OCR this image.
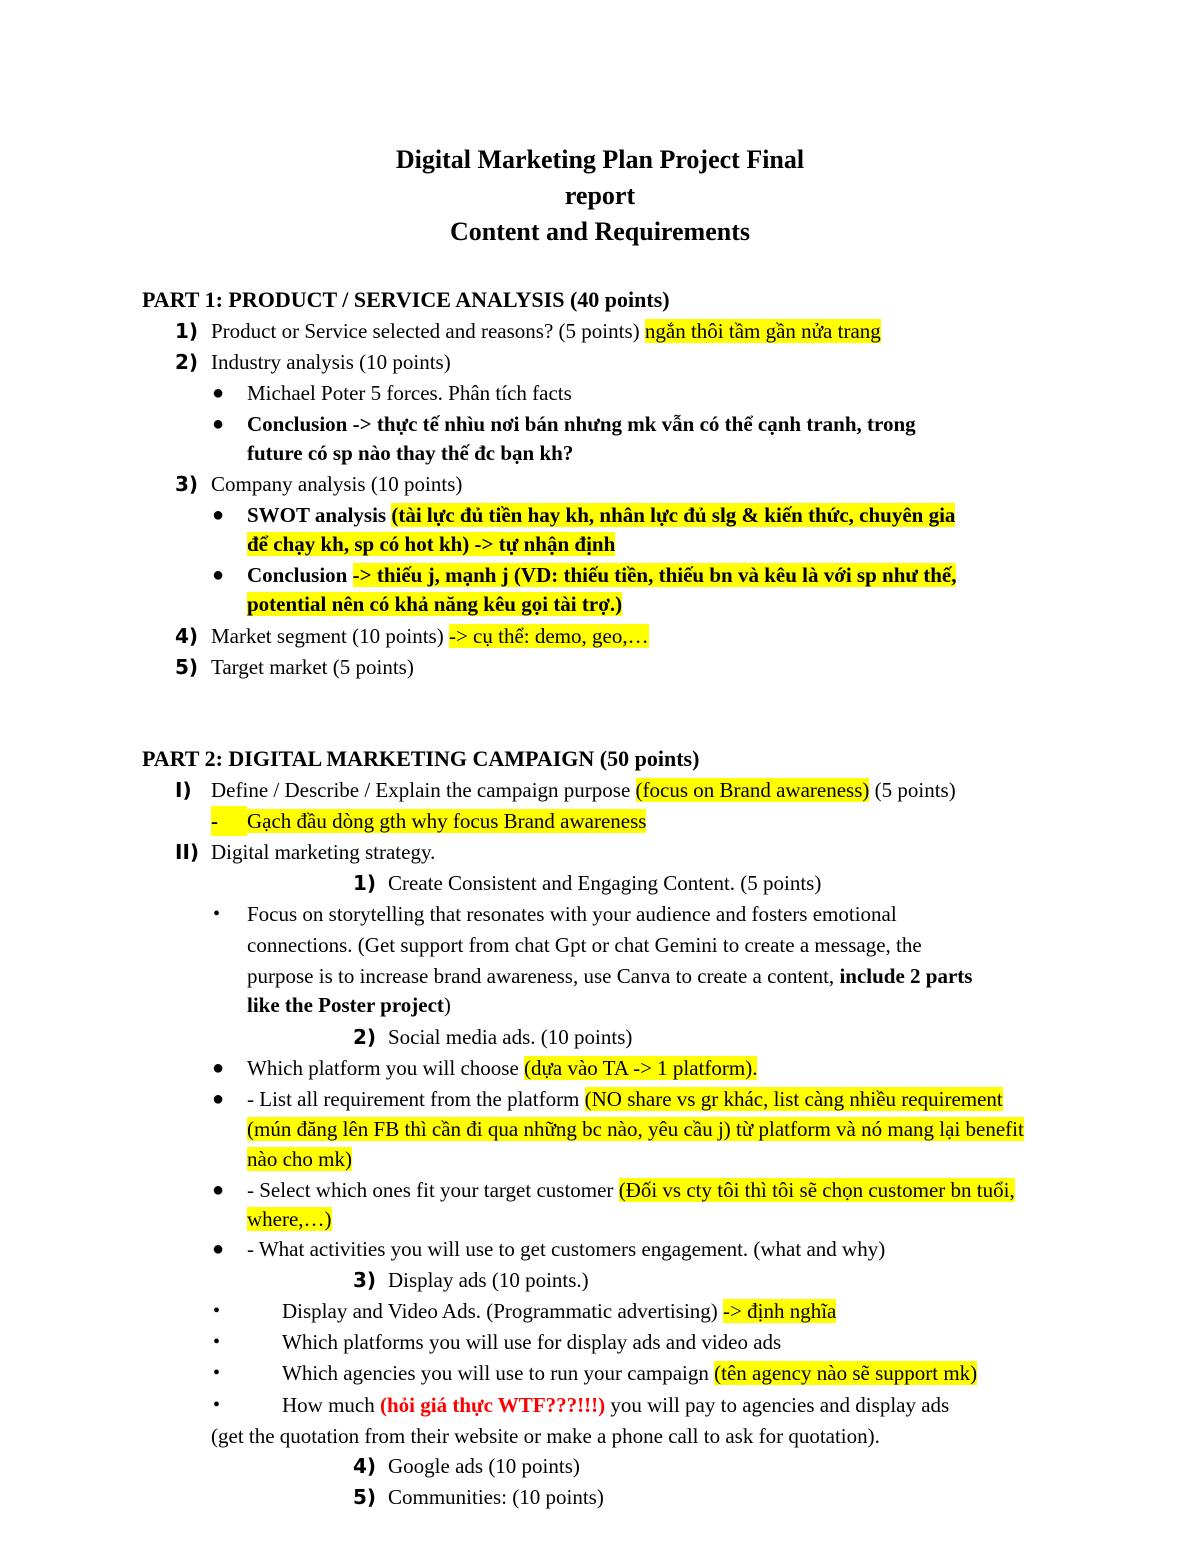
Digital Marketing Plan Project Final
report
Content and Requirements
PART 1: PRODUCT / SERVICE ANALYSIS (40 points)
1) Product or Service selected and reasons? (5 points) ngắn thôi tầm gần nửa trang
2) Industry analysis (10 points)
● Michael Poter 5 forces. Phân tích facts
● Conclusion -> thực tế nhìu nơi bán nhưng mk vẫn có thể cạnh tranh, trong
future có sp nào thay thế đc bạn kh?
3) Company analysis (10 points)
● SWOT analysis (tài lực đủ tiền hay kh, nhân lực đủ slg & kiến thức, chuyên gia
để chạy kh, sp có hot kh) -> tự nhận định
● Conclusion -> thiếu j, mạnh j (VD: thiếu tiền, thiếu bn và kêu là với sp như thế,
potential nên có khả năng kêu gọi tài trợ.)
4) Market segment (10 points) -> cụ thể: demo, geo,…
5) Target market (5 points)
PART 2: DIGITAL MARKETING CAMPAIGN (50 points)
I) Define / Describe / Explain the campaign purpose (focus on Brand awareness) (5 points)
- Gạch đầu dòng gth why focus Brand awareness
II) Digital marketing strategy.
1) Create Consistent and Engaging Content. (5 points)
• Focus on storytelling that resonates with your audience and fosters emotional
connections. (Get support from chat Gpt or chat Gemini to create a message, the
purpose is to increase brand awareness, use Canva to create a content, include 2 parts
like the Poster project)
2) Social media ads. (10 points)
● Which platform you will choose (dựa vào TA -> 1 platform).
● - List all requirement from the platform (NO share vs gr khác, list càng nhiều requirement
(mún đăng lên FB thì cần đi qua những bc nào, yêu cầu j) từ platform và nó mang lại benefit
nào cho mk)
● - Select which ones fit your target customer (Đối vs cty tôi thì tôi sẽ chọn customer bn tuổi,
where,…)
● - What activities you will use to get customers engagement. (what and why)
3) Display ads (10 points.)
•	Display and Video Ads. (Programmatic advertising) -> định nghĩa
•	Which platforms you will use for display ads and video ads
•	Which agencies you will use to run your campaign (tên agency nào sẽ support mk)
•	How much (hỏi giá thực WTF???!!!) you will pay to agencies and display ads
(get the quotation from their website or make a phone call to ask for quotation).
4) Google ads (10 points)
5) Communities: (10 points)
